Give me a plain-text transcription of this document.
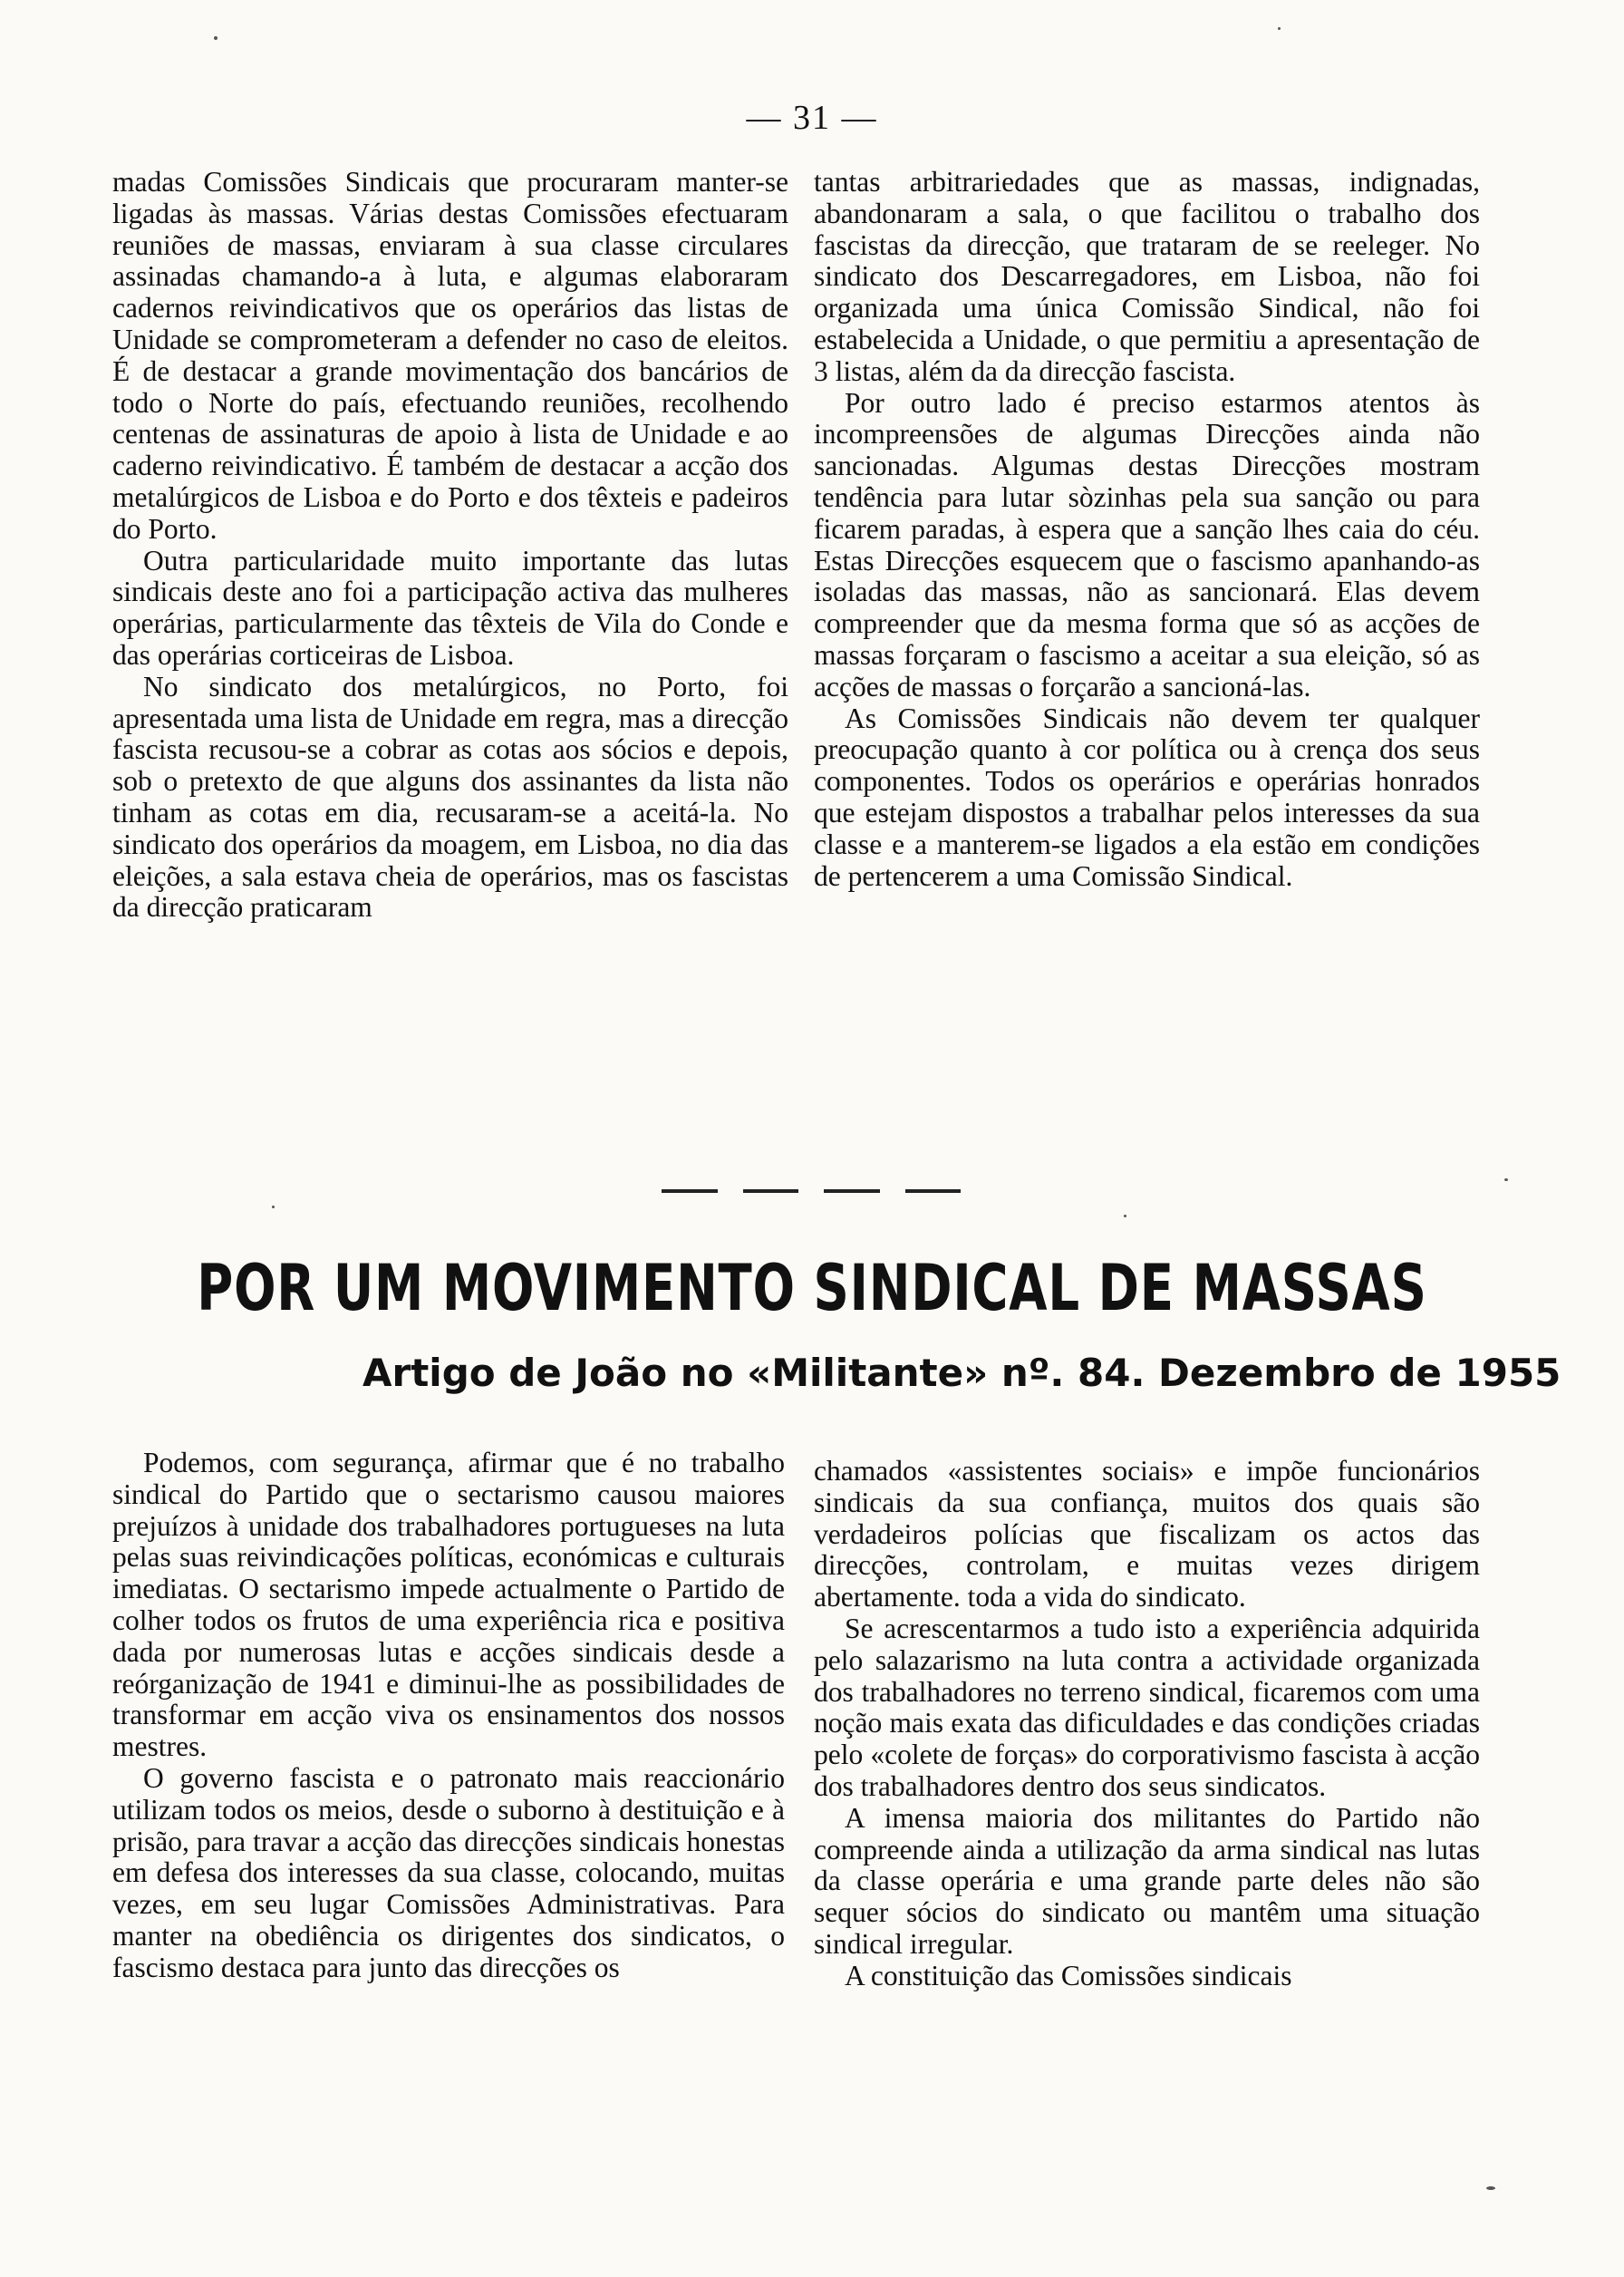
— 31 —

madas Comissões Sindicais que procuraram manter-se ligadas às massas. Várias destas Comissões efectuaram reuniões de massas, enviaram à sua classe circulares assinadas chamando-a à luta, e algumas elaboraram cadernos reivindicativos que os operários das listas de Unidade se comprometeram a defender no caso de eleitos. É de destacar a grande movimentação dos bancários de todo o Norte do país, efectuando reuniões, recolhendo centenas de assinaturas de apoio à lista de Unidade e ao caderno reivindicativo. É também de destacar a acção dos metalúrgicos de Lisboa e do Porto e dos têxteis e padeiros do Porto.

Outra particularidade muito importante das lutas sindicais deste ano foi a participação activa das mulheres operárias, particularmente das têxteis de Vila do Conde e das operárias corticeiras de Lisboa.

No sindicato dos metalúrgicos, no Porto, foi apresentada uma lista de Unidade em regra, mas a direcção fascista recusou-se a cobrar as cotas aos sócios e depois, sob o pretexto de que alguns dos assinantes da lista não tinham as cotas em dia, recusaram-se a aceitá-la. No sindicato dos operários da moagem, em Lisboa, no dia das eleições, a sala estava cheia de operários, mas os fascistas da direcção praticaram

tantas arbitrariedades que as massas, indignadas, abandonaram a sala, o que facilitou o trabalho dos fascistas da direcção, que trataram de se reeleger. No sindicato dos Descarregadores, em Lisboa, não foi organizada uma única Comissão Sindical, não foi estabelecida a Unidade, o que permitiu a apresentação de 3 listas, além da da direcção fascista.

Por outro lado é preciso estarmos atentos às incompreensões de algumas Direcções ainda não sancionadas. Algumas destas Direcções mostram tendência para lutar sòzinhas pela sua sanção ou para ficarem paradas, à espera que a sanção lhes caia do céu. Estas Direcções esquecem que o fascismo apanhando-as isoladas das massas, não as sancionará. Elas devem compreender que da mesma forma que só as acções de massas forçaram o fascismo a aceitar a sua eleição, só as acções de massas o forçarão a sancioná-las.

As Comissões Sindicais não devem ter qualquer preocupação quanto à cor política ou à crença dos seus componentes. Todos os operários e operárias honrados que estejam dispostos a trabalhar pelos interesses da sua classe e a manterem-se ligados a ela estão em condições de pertencerem a uma Comissão Sindical.

POR UM MOVIMENTO SINDICAL DE MASSAS
Artigo de João no «Militante» nº. 84. Dezembro de 1955

Podemos, com segurança, afirmar que é no trabalho sindical do Partido que o sectarismo causou maiores prejuízos à unidade dos trabalhadores portugueses na luta pelas suas reivindicações políticas, económicas e culturais imediatas. O sectarismo impede actualmente o Partido de colher todos os frutos de uma experiência rica e positiva dada por numerosas lutas e acções sindicais desde a reórganização de 1941 e diminui-lhe as possibilidades de transformar em acção viva os ensinamentos dos nossos mestres.

O governo fascista e o patronato mais reaccionário utilizam todos os meios, desde o suborno à destituição e à prisão, para travar a acção das direcções sindicais honestas em defesa dos interesses da sua classe, colocando, muitas vezes, em seu lugar Comissões Administrativas. Para manter na obediência os dirigentes dos sindicatos, o fascismo destaca para junto das direcções os

chamados «assistentes sociais» e impõe funcionários sindicais da sua confiança, muitos dos quais são verdadeiros polícias que fiscalizam os actos das direcções, controlam, e muitas vezes dirigem abertamente. toda a vida do sindicato.

Se acrescentarmos a tudo isto a experiência adquirida pelo salazarismo na luta contra a actividade organizada dos trabalhadores no terreno sindical, ficaremos com uma noção mais exata das dificuldades e das condições criadas pelo «colete de forças» do corporativismo fascista à acção dos trabalhadores dentro dos seus sindicatos.

A imensa maioria dos militantes do Partido não compreende ainda a utilização da arma sindical nas lutas da classe operária e uma grande parte deles não são sequer sócios do sindicato ou mantêm uma situação sindical irregular.

A constituição das Comissões sindicais
